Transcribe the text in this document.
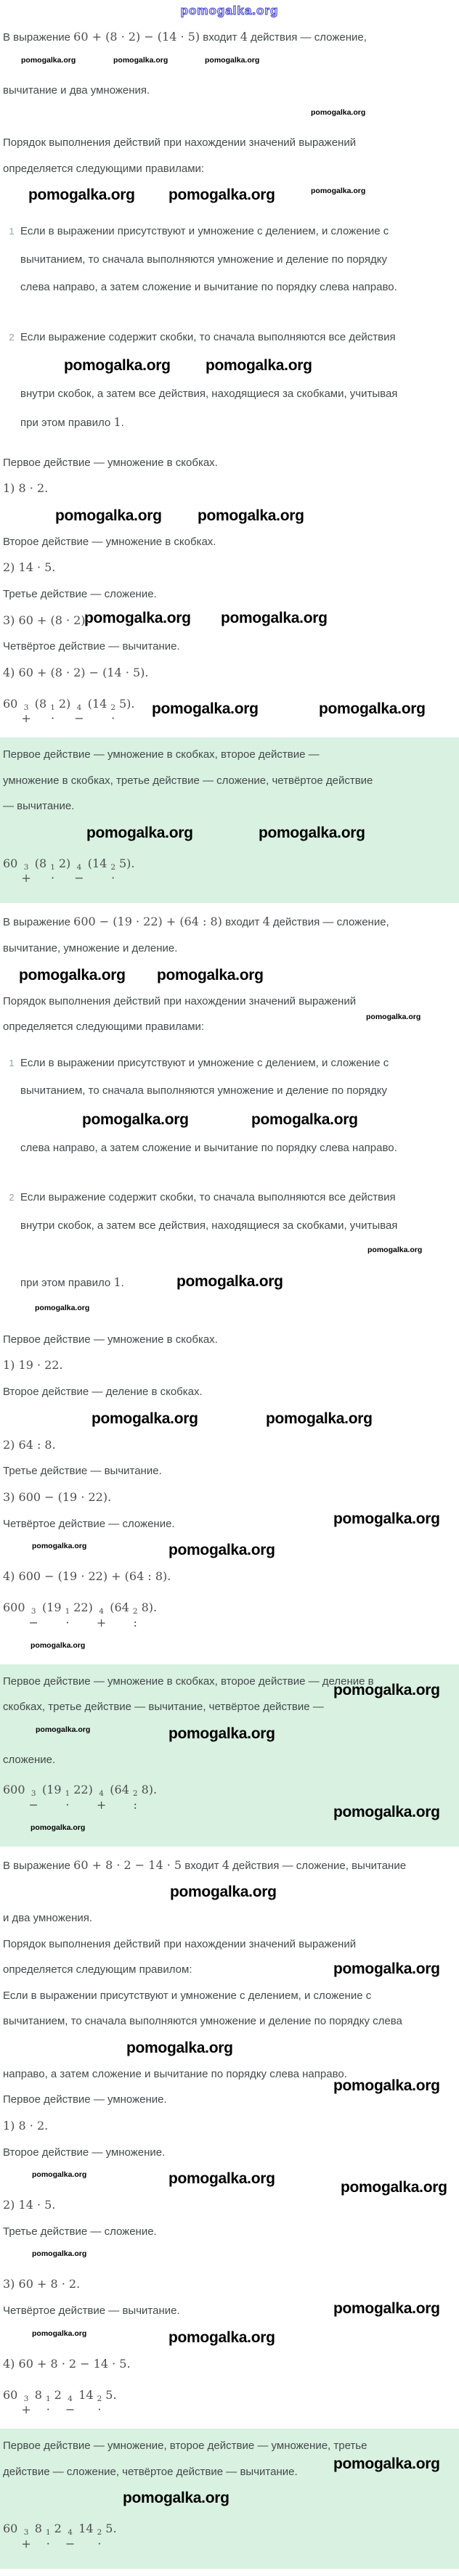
pomogalka.org
В выражение 60 + (8 · 2) − (14 · 5) входит 4 действия — сложение,
pomogalka.org	pomogalka.org	pomogalka.org
вычитание и два умножения.
pomogalka.org
Порядок выполнения действий при нахождении значений выражений
определяется следующими правилами:
pomogalka.org pomogalka.org	pomogalka.org
1 Если в выражении присутствуют и умножение с делением, и сложение с
вычитанием, то сначала выполняются умножение и деление по порядку
слева направо, а затем сложение и вычитание по порядку слева направо.
2 Если выражение содержит скобки, то сначала выполняются все действия
pomogalka.org pomogalka.org
внутри скобок, а затем все действия, находящиеся за скобками, учитывая
при этом правило 1.
Первое действие — умножение в скобках.
1) 8 · 2.
pomogalka.org pomogalka.org
Второе действие — умножение в скобках.
2) 14 · 5.
Третье действие — сложение.
3) 60 + (8 · 2).
pomogalka.org pomogalka.org
Четвёртое действие — вычитание.
4) 60 + (8 · 2) − (14 · 5).
60 3
+
(8 1
·
2) 4
−
(14 2
·
5). pomogalka.org	pomogalka.org
Первое действие — умножение в скобках, второе действие —
умножение в скобках, третье действие — сложение, четвёртое действие
— вычитание.
pomogalka.org	pomogalka.org
60 3
+
(8 1
·
2) 4
−
(14 2
·
5).
В выражение 600 − (19 · 22) + (64 : 8) входит 4 действия — сложение,
вычитание, умножение и деление.
pomogalka.org pomogalka.org
Порядок выполнения действий при нахождении значений выражений
pomogalka.org
определяется следующими правилами:
1 Если в выражении присутствуют и умножение с делением, и сложение с
вычитанием, то сначала выполняются умножение и деление по порядку
pomogalka.org	pomogalka.org
слева направо, а затем сложение и вычитание по порядку слева направо.
2 Если выражение содержит скобки, то сначала выполняются все действия
внутри скобок, а затем все действия, находящиеся за скобками, учитывая
pomogalka.org
при этом правило 1.	pomogalka.org
pomogalka.org
Первое действие — умножение в скобках.
1) 19 · 22.
Второе действие — деление в скобках.
pomogalka.org	pomogalka.org
2) 64 : 8.
Третье действие — вычитание.
3) 600 − (19 · 22).
Четвёртое действие — сложение.	pomogalka.org
pomogalka.org	pomogalka.org
4) 600 − (19 · 22) + (64 : 8).
600 3
−
(19 1
·
22) 4
+
(64 2
:
8).
pomogalka.org
Первое действие — умножение в скобках, второе действие — деление в
скобках, третье действие — вычитание, четвёртое действие —
pomogalka.org
pomogalka.org	pomogalka.org
сложение.
600 3
−
(19 1
·
22) 4
+
(64 2
:
8).
pomogalka.org
pomogalka.org
В выражение 60 + 8 · 2 − 14 · 5 входит 4 действия — сложение, вычитание
pomogalka.org
и два умножения.
Порядок выполнения действий при нахождении значений выражений
определяется следующим правилом:	pomogalka.org
Если в выражении присутствуют и умножение с делением, и сложение с
вычитанием, то сначала выполняются умножение и деление по порядку слева
pomogalka.org
направо, а затем сложение и вычитание по порядку слева направо.
Первое действие — умножение.
pomogalka.org
1) 8 · 2.
Второе действие — умножение.
pomogalka.org	pomogalka.org
pomogalka.org
2) 14 · 5.
Третье действие — сложение.
pomogalka.org
3) 60 + 8 · 2.
Четвёртое действие — вычитание.	pomogalka.org
pomogalka.org	pomogalka.org
4) 60 + 8 · 2 − 14 · 5.
60 3
+
8 1
·
2 4
−
14 2
·
5.
Первое действие — умножение, второе действие — умножение, третье
pomogalka.org
действие — сложение, четвёртое действие — вычитание.
pomogalka.org
60 3
+
8 1
·
2 4
−
14 2
·
5.
